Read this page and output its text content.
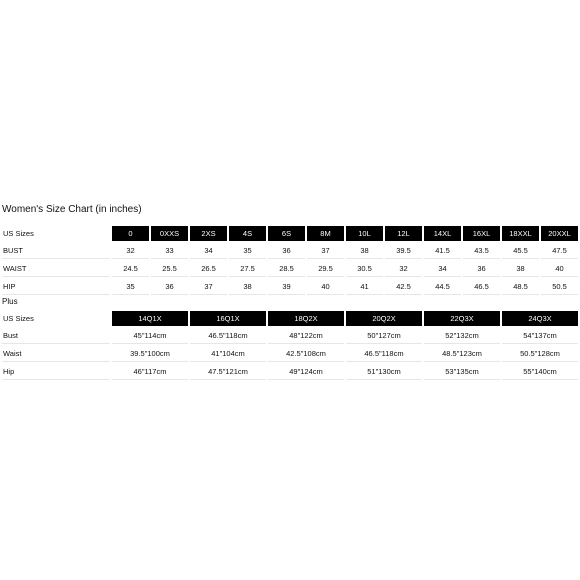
Women's Size Chart (in inches)
US Sizes	0	0XXS	2XS	4S	6S	8M	10L	12L	14XL	16XL	18XXL	20XXL
BUST	32	33	34	35	36	37	38	39.5	41.5	43.5	45.5	47.5
WAIST	24.5	25.5	26.5	27.5	28.5	29.5	30.5	32	34	36	38	40
HIP	35	36	37	38	39	40	41	42.5	44.5	46.5	48.5	50.5
Plus
US Sizes	14Q1X	16Q1X	18Q2X	20Q2X	22Q3X	24Q3X
Bust	45"114cm	46.5"118cm	48"122cm	50"127cm	52"132cm	54"137cm
Waist	39.5"100cm	41"104cm	42.5"108cm	46.5"118cm	48.5"123cm	50.5"128cm
Hip	46"117cm	47.5"121cm	49"124cm	51"130cm	53"135cm	55"140cm
